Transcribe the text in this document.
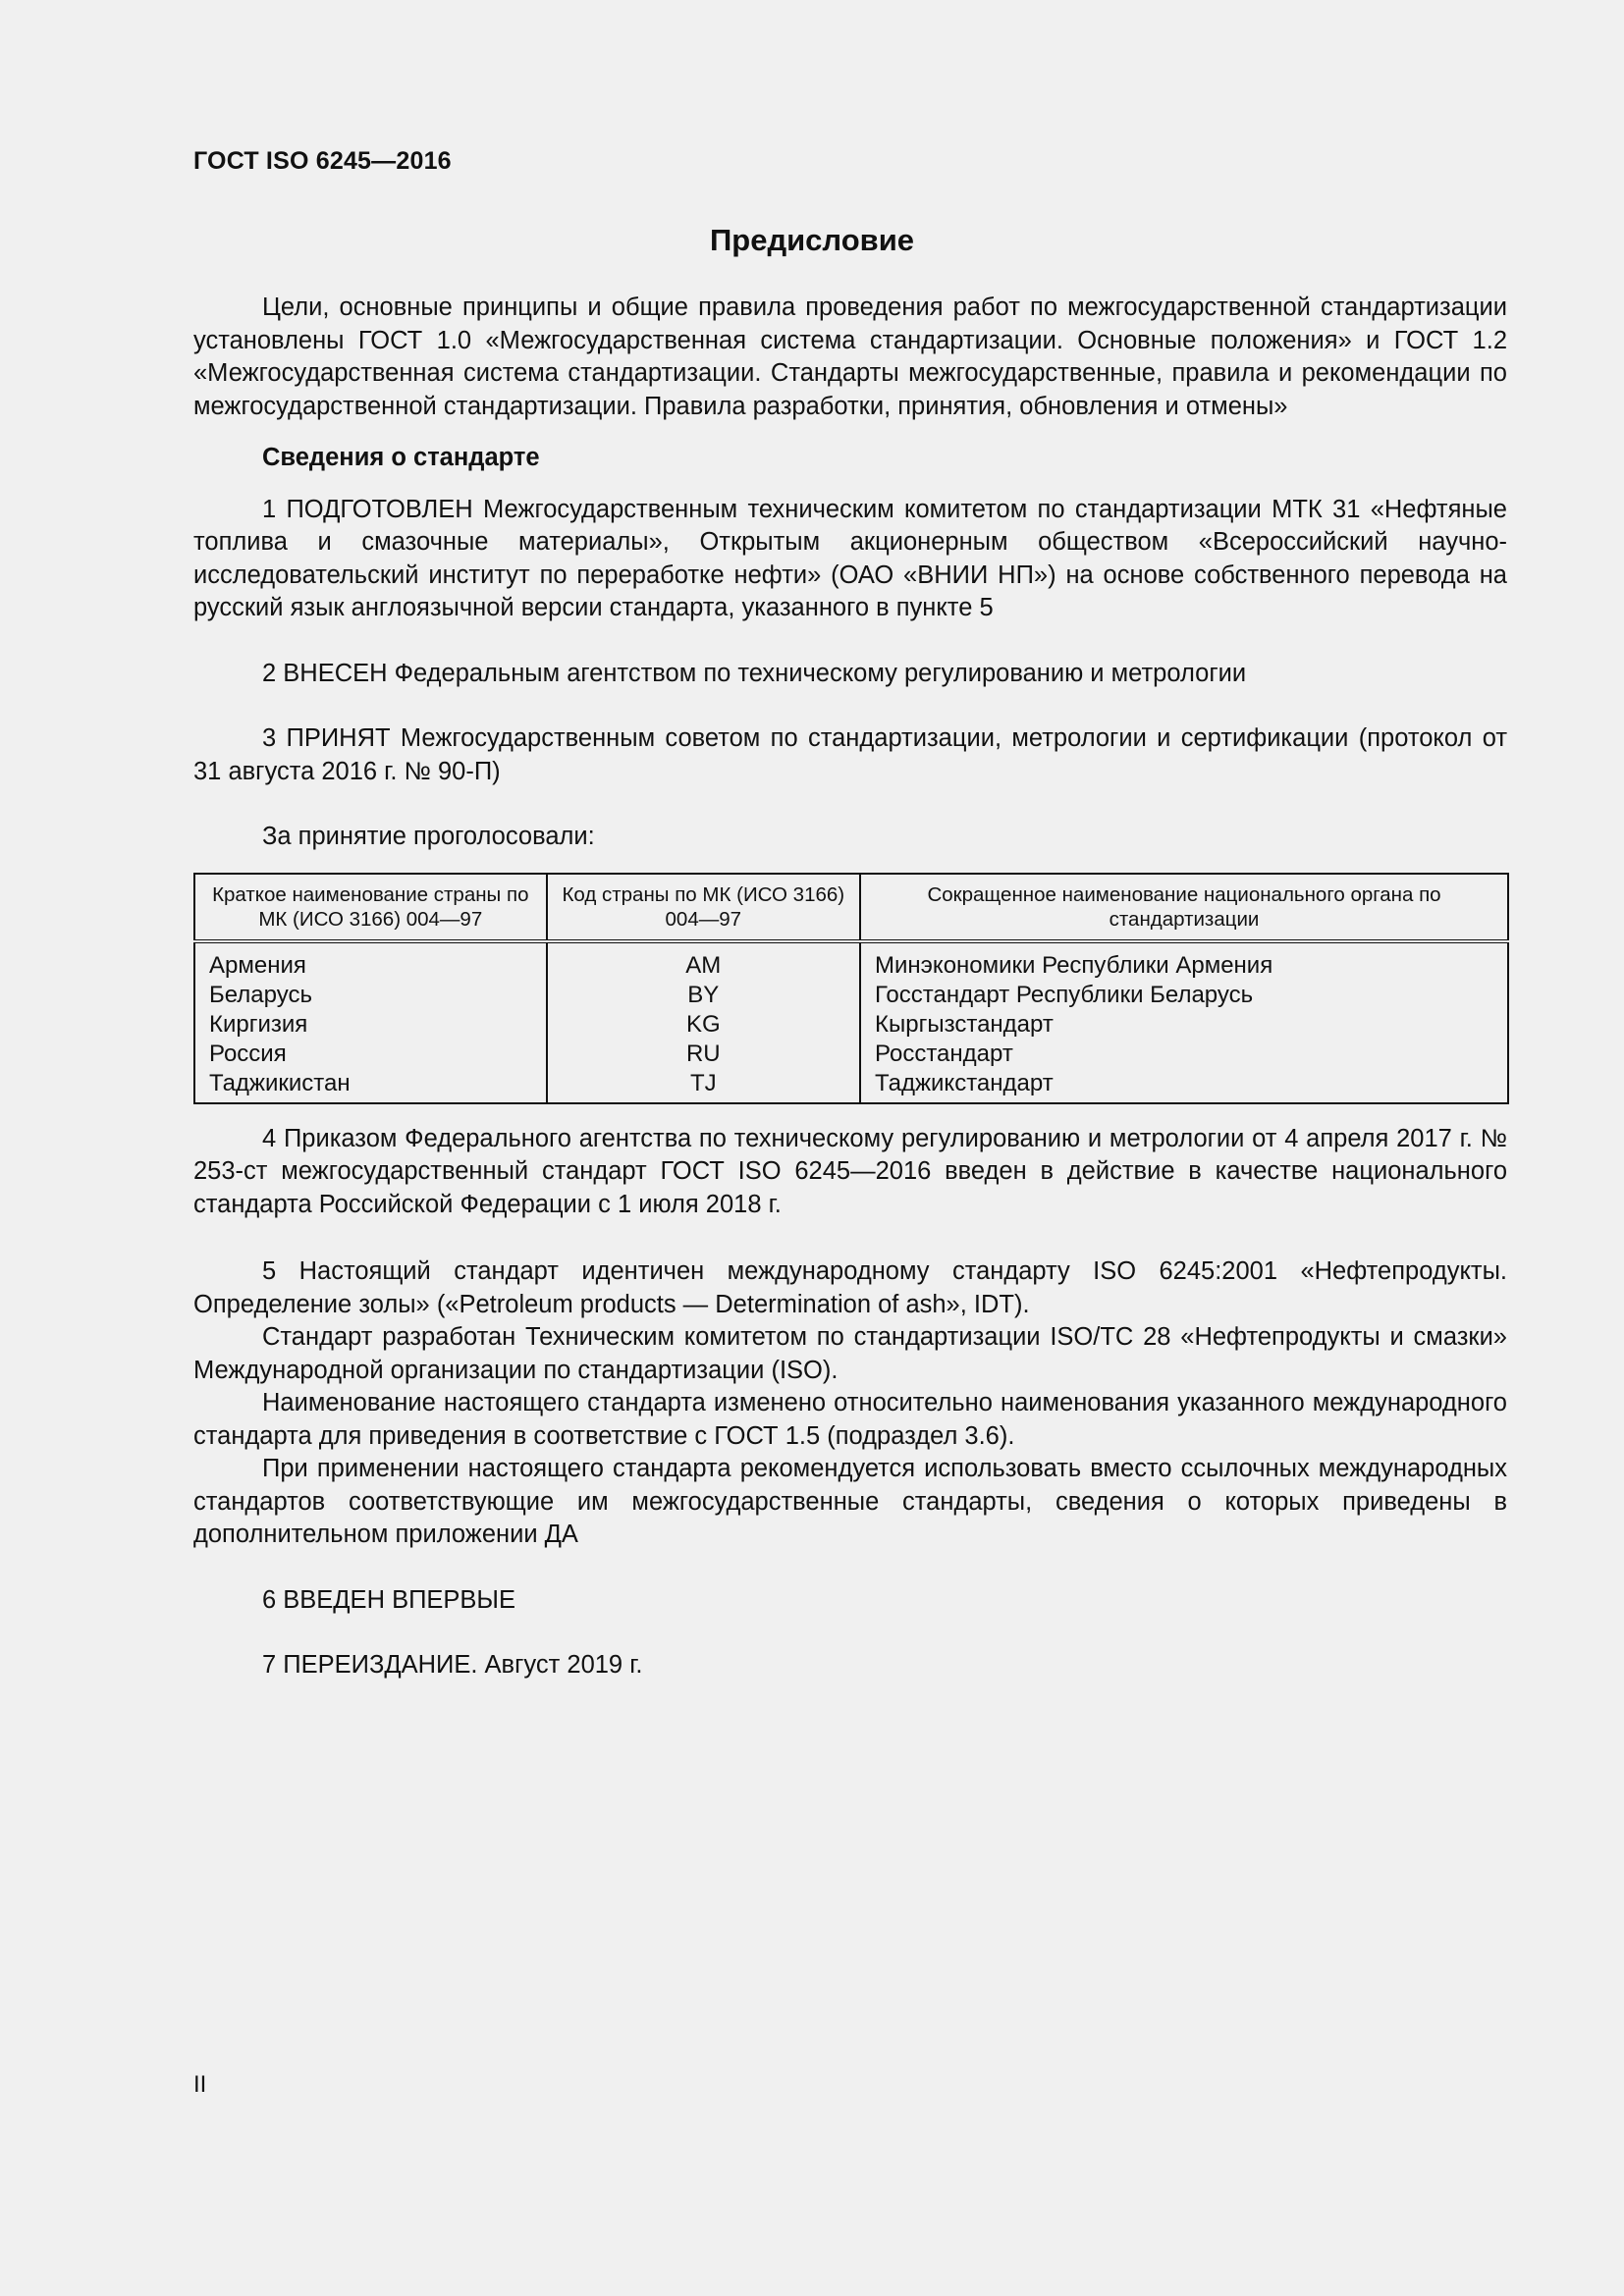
ГОСТ ISO 6245—2016
Предисловие

Цели, основные принципы и общие правила проведения работ по межгосударственной стандартизации установлены ГОСТ 1.0 «Межгосударственная система стандартизации. Основные положения» и ГОСТ 1.2 «Межгосударственная система стандартизации. Стандарты межгосударственные, правила и рекомендации по межгосударственной стандартизации. Правила разработки, принятия, обновления и отмены»

Сведения о стандарте

1 ПОДГОТОВЛЕН Межгосударственным техническим комитетом по стандартизации МТК 31 «Нефтяные топлива и смазочные материалы», Открытым акционерным обществом «Всероссийский научно-исследовательский институт по переработке нефти» (ОАО «ВНИИ НП») на основе собственного перевода на русский язык англоязычной версии стандарта, указанного в пункте 5

2 ВНЕСЕН Федеральным агентством по техническому регулированию и метрологии

3 ПРИНЯТ Межгосударственным советом по стандартизации, метрологии и сертификации (протокол от 31 августа 2016 г. № 90-П)

За принятие проголосовали:

Краткое наименование страны по МК (ИСО 3166) 004—97	Код страны по МК (ИСО 3166) 004—97	Сокращенное наименование национального органа по стандартизации
Армения	AM	Минэкономики Республики Армения
Беларусь	BY	Госстандарт Республики Беларусь
Киргизия	KG	Кыргызстандарт
Россия	RU	Росстандарт
Таджикистан	TJ	Таджикстандарт

4 Приказом Федерального агентства по техническому регулированию и метрологии от 4 апреля 2017 г. № 253-ст межгосударственный стандарт ГОСТ ISO 6245—2016 введен в действие в качестве национального стандарта Российской Федерации с 1 июля 2018 г.

5 Настоящий стандарт идентичен международному стандарту ISO 6245:2001 «Нефтепродукты. Определение золы» («Petroleum products — Determination of ash», IDT).

Стандарт разработан Техническим комитетом по стандартизации ISO/TC 28 «Нефтепродукты и смазки» Международной организации по стандартизации (ISO).

Наименование настоящего стандарта изменено относительно наименования указанного международного стандарта для приведения в соответствие с ГОСТ 1.5 (подраздел 3.6).

При применении настоящего стандарта рекомендуется использовать вместо ссылочных международных стандартов соответствующие им межгосударственные стандарты, сведения о которых приведены в дополнительном приложении ДА

6 ВВЕДЕН ВПЕРВЫЕ

7 ПЕРЕИЗДАНИЕ. Август 2019 г.

II
